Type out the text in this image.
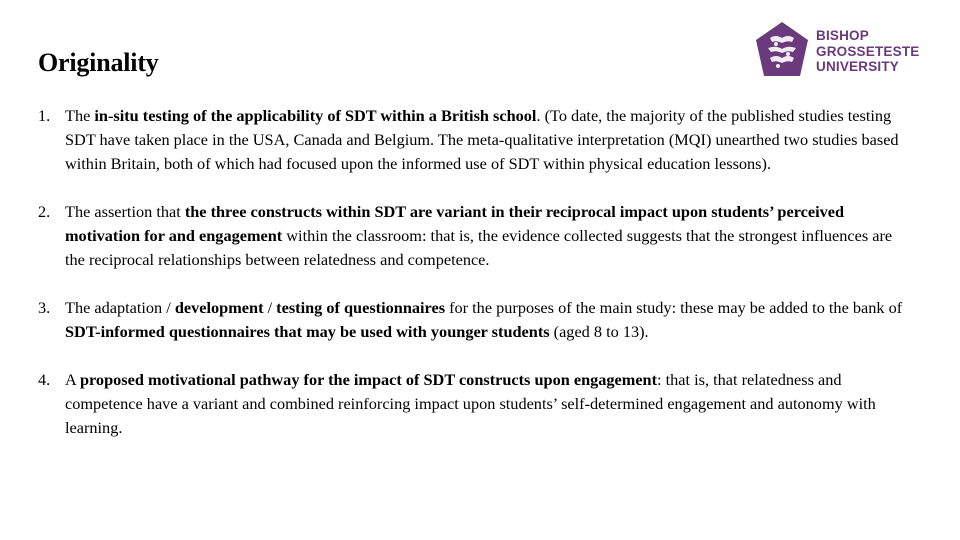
Originality
BISHOP
GROSSETESTE
UNIVERSITY
1. The in-situ testing of the applicability of SDT within a British school. (To date, the majority of the published studies testing SDT have taken place in the USA, Canada and Belgium. The meta-qualitative interpretation (MQI) unearthed two studies based within Britain, both of which had focused upon the informed use of SDT within physical education lessons).
2. The assertion that the three constructs within SDT are variant in their reciprocal impact upon students’ perceived motivation for and engagement within the classroom: that is, the evidence collected suggests that the strongest influences are the reciprocal relationships between relatedness and competence.
3. The adaptation / development / testing of questionnaires for the purposes of the main study: these may be added to the bank of SDT-informed questionnaires that may be used with younger students (aged 8 to 13).
4. A proposed motivational pathway for the impact of SDT constructs upon engagement: that is, that relatedness and competence have a variant and combined reinforcing impact upon students’ self-determined engagement and autonomy with learning.
